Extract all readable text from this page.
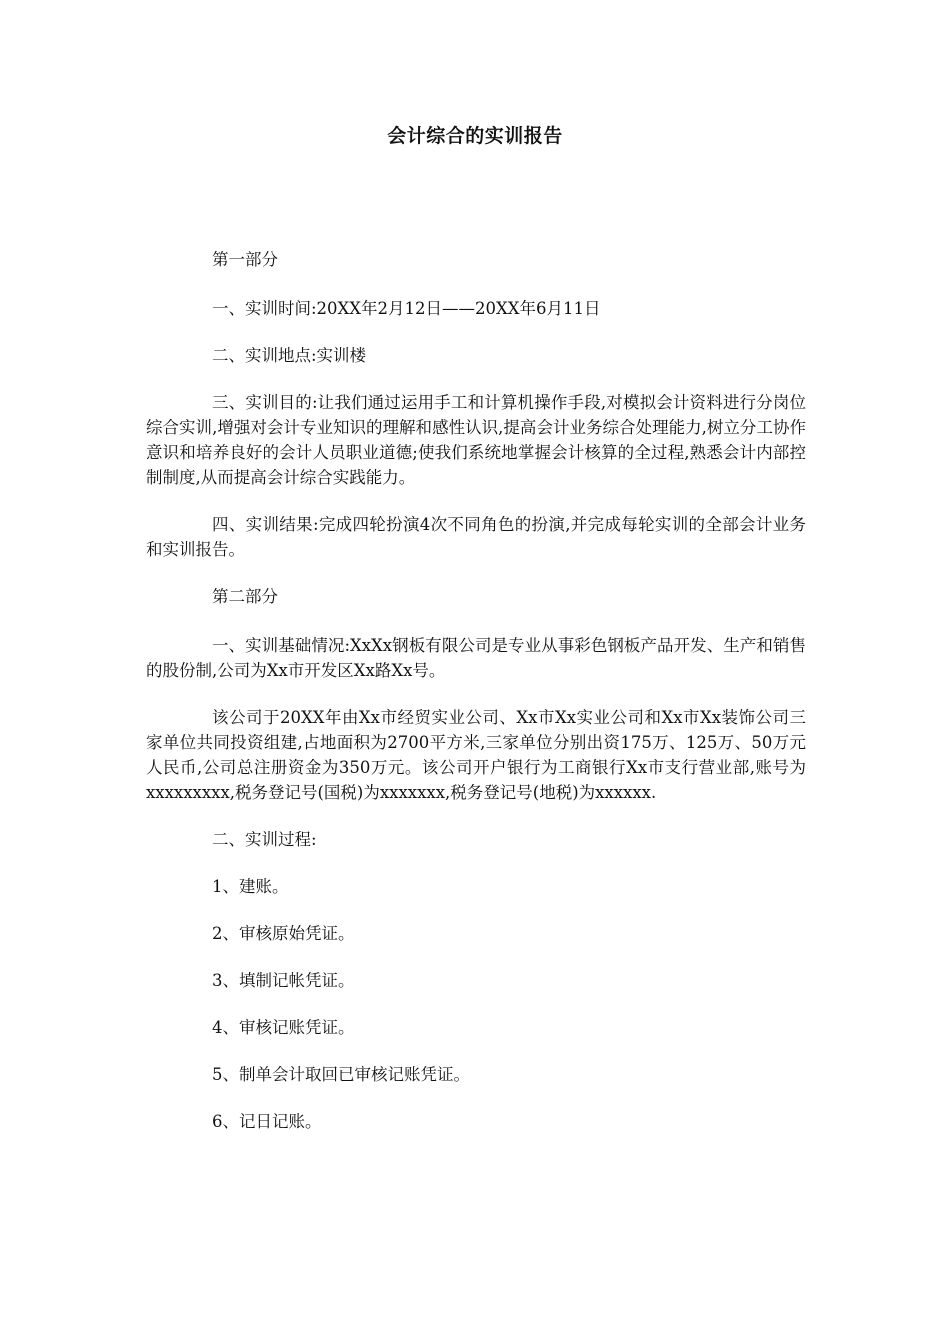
会计综合的实训报告

第一部分

一、实训时间:20XX年2月12日——20XX年6月11日

二、实训地点:实训楼

三、实训目的:让我们通过运用手工和计算机操作手段,对模拟会计资料进行分岗位综合实训,增强对会计专业知识的理解和感性认识,提高会计业务综合处理能力,树立分工协作意识和培养良好的会计人员职业道德;使我们系统地掌握会计核算的全过程,熟悉会计内部控制制度,从而提高会计综合实践能力。

四、实训结果:完成四轮扮演4次不同角色的扮演,并完成每轮实训的全部会计业务和实训报告。

第二部分

一、实训基础情况:XxXx钢板有限公司是专业从事彩色钢板产品开发、生产和销售的股份制,公司为Xx市开发区Xx路Xx号。

该公司于20XX年由Xx市经贸实业公司、Xx市Xx实业公司和Xx市Xx装饰公司三家单位共同投资组建,占地面积为2700平方米,三家单位分别出资175万、125万、50万元人民币,公司总注册资金为350万元。该公司开户银行为工商银行Xx市支行营业部,账号为xxxxxxxxx,税务登记号(国税)为xxxxxxx,税务登记号(地税)为xxxxxx.

二、实训过程:

1、建账。

2、审核原始凭证。

3、填制记帐凭证。

4、审核记账凭证。

5、制单会计取回已审核记账凭证。

6、记日记账。
